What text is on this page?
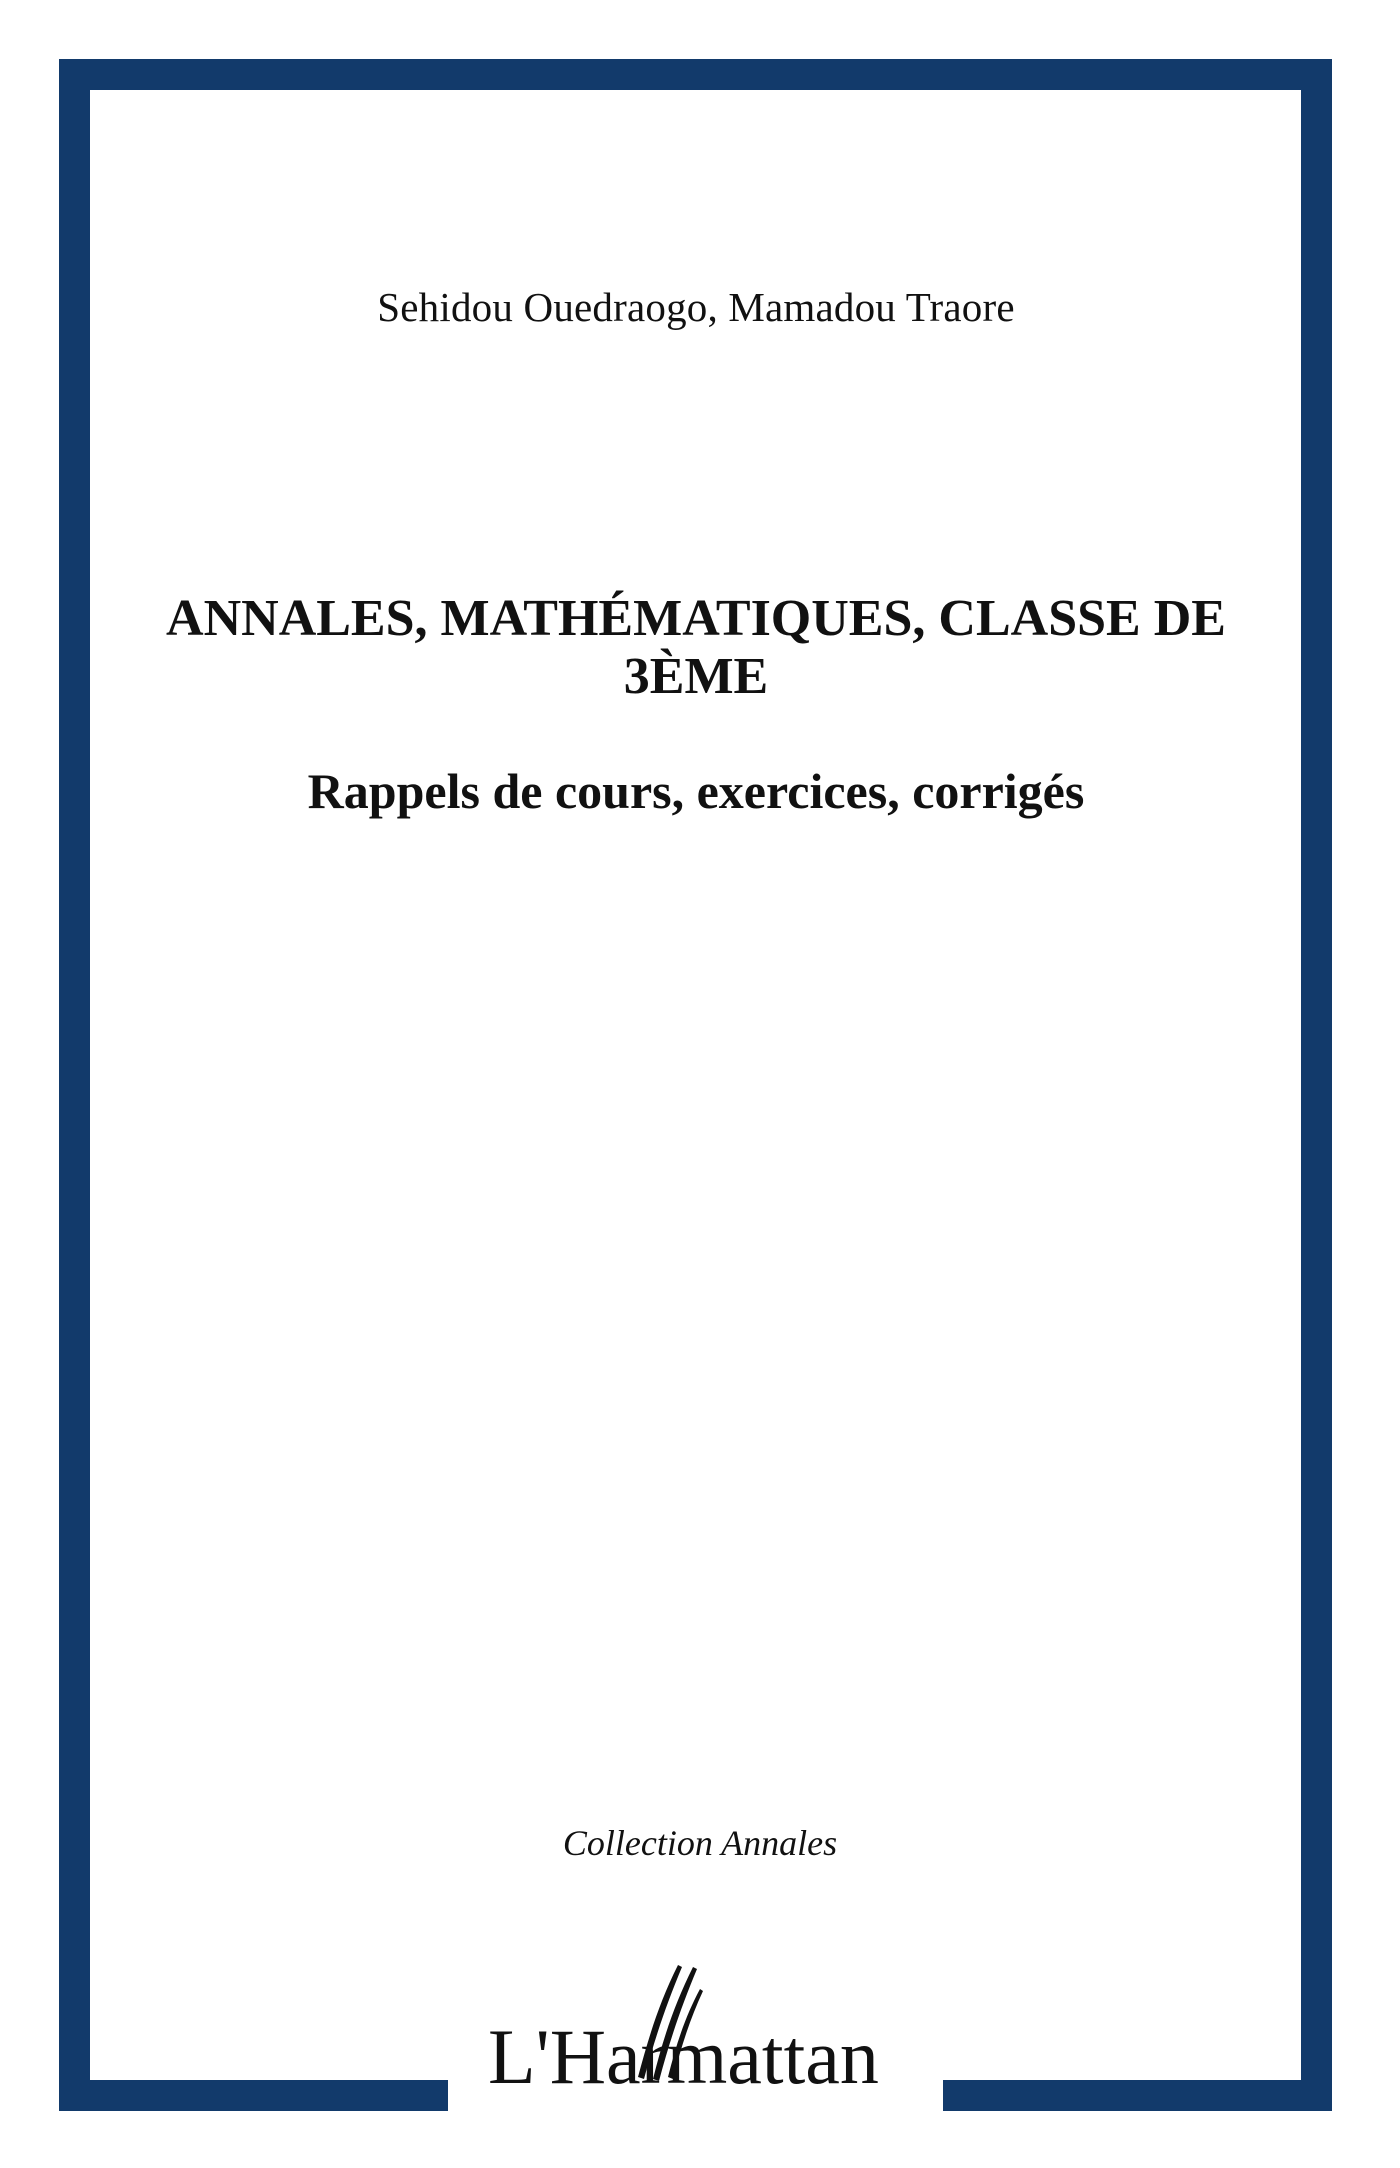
Sehidou Ouedraogo, Mamadou Traore
ANNALES, MATHÉMATIQUES, CLASSE DE 3ÈME
Rappels de cours, exercices, corrigés
Collection Annales
L'Harmattan
